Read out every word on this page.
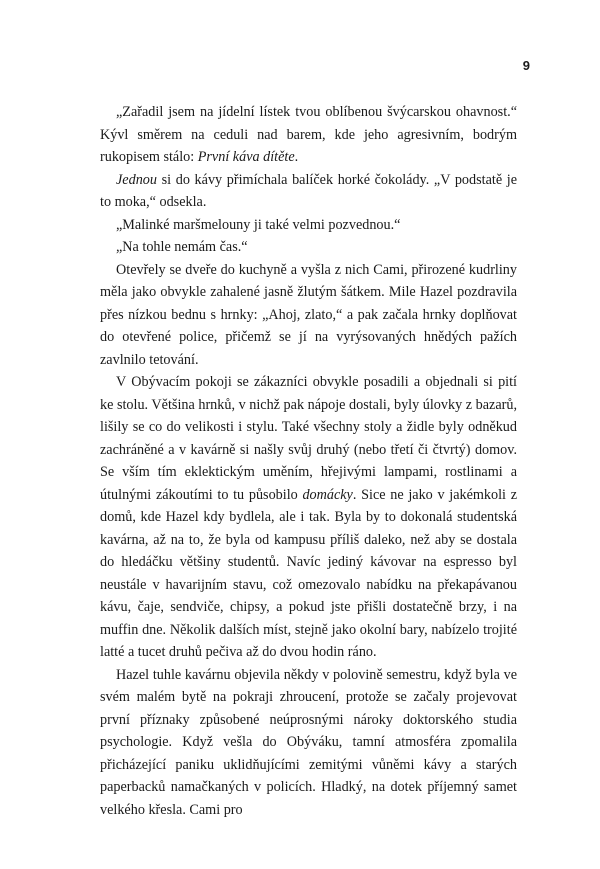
9

„Zařadil jsem na jídelní lístek tvou oblíbenou švýcarskou ohavnost.“ Kývl směrem na ceduli nad barem, kde jeho agresivním, bodrým rukopisem stálo: První káva dítěte.

Jednou si do kávy přimíchala balíček horké čokolády. „V podstatě je to moka,“ odsekla.

„Malinké maršmelouny ji také velmi pozvednou.“

„Na tohle nemám čas.“

Otevřely se dveře do kuchyně a vyšla z nich Cami, přirozené kudrliny měla jako obvykle zahalené jasně žlutým šátkem. Mile Hazel pozdravila přes nízkou bednu s hrnky: „Ahoj, zlato,“ a pak začala hrnky doplňovat do otevřené police, přičemž se jí na vyrýsovaných hnědých pažích zavlnilo tetování.

V Obývacím pokoji se zákazníci obvykle posadili a objednali si pití ke stolu. Většina hrnků, v nichž pak nápoje dostali, byly úlovky z bazarů, lišily se co do velikosti i stylu. Také všechny stoly a židle byly odněkud zachráněné a v kavárně si našly svůj druhý (nebo třetí či čtvrtý) domov. Se vším tím eklektickým uměním, hřejivými lampami, rostlinami a útulnými zákoutími to tu působilo domácky. Sice ne jako v jakémkoli z domů, kde Hazel kdy bydlela, ale i tak. Byla by to dokonalá studentská kavárna, až na to, že byla od kampusu příliš daleko, než aby se dostala do hledáčku většiny studentů. Navíc jediný kávovar na espresso byl neustále v havarijním stavu, což omezovalo nabídku na překapávanou kávu, čaje, sendviče, chipsy, a pokud jste přišli dostatečně brzy, i na muffin dne. Několik dalších míst, stejně jako okolní bary, nabízelo trojité latté a tucet druhů pečiva až do dvou hodin ráno.

Hazel tuhle kavárnu objevila někdy v polovině semestru, když byla ve svém malém bytě na pokraji zhroucení, protože se začaly projevovat první příznaky způsobené neúprosnými nároky doktorského studia psychologie. Když vešla do Obýváku, tamní atmosféra zpomalila přicházející paniku uklidňujícími zemitými vůněmi kávy a starých paperbacků namačkaných v policích. Hladký, na dotek příjemný samet velkého křesla. Cami pro
